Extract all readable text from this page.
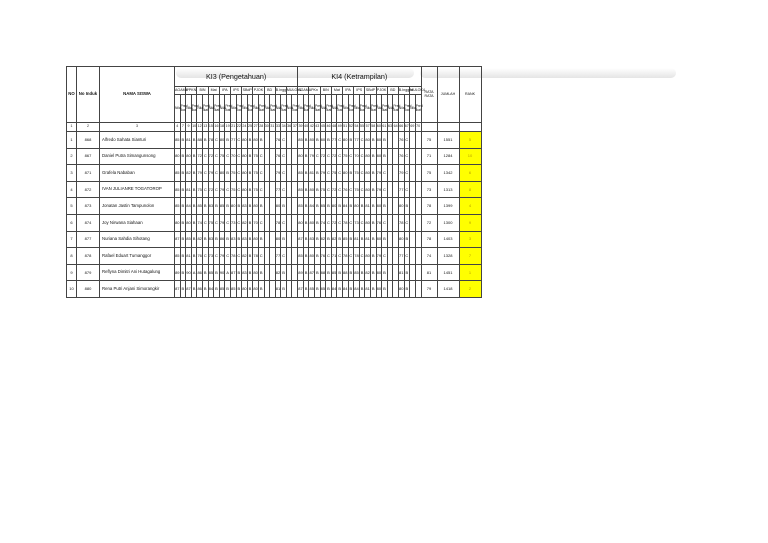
NO	No Induk	NAMA SISWA	KI3 (Pengetahuan)																						KI4 (Ketrampilan)																						RATA RATA	JUMLAH	RANK
			AGAMA		PPKN		BIN		Mat		IPA		IPS		SBdP		PJOK		BD		B.Ingg		MULOK1		AGAMA		PKn		BIN		Mat		IPA		IPS		SBdP		PJOK		BD		B.Inggris		MULOK4				
			Nilai	Pred ikat	Nilai	Pred ikat	Nilai	Pred ikat	Nilai	Pred ikat	Nilai	Pred ikat	Nilai	Pred ikat	Nilai	Pred ikat	Nilai	Pred ikat	Nilai	Pred ikat	Nilai	Pred ikat	Nilai	Pred ikat	Nilai	Pred ikat	Nilai	Pred ikat	Nilai	Pred ikat	Nilai	Pred ikat	Nilai	Pred ikat	Nilai	Pred ikat	Nilai	Pred ikat	Nilai	Pred ikat	Nilai	Pred ikat	Nilai	Pred ikat	Nilai	Pred ikat			
1	2	3	4	7	9	10	12	13	15	16	18	19	21	22	24	25	27	28	30	31	33	34	36	37	39	40	42	43	45	46	48	49	51	52	54	55	57	58	60	61	63	64	66	67	69	70			
1	868	Alfredo Sahata Sianturi	85	B	81	B	88	B	78	C	80	B	77	C	80	B	80	B			76	C			85	B	80	B	80	B	77	C	80	B	77	C	80	B	80	B			76	C			75	1551	5
2	867	Daniel Putra Simangunsong	80	B	80	B	72	C	72	C	75	C	70	C	80	B	75	C			76	C			80	B	79	C	72	C	72	C	75	C	70	C	80	B	80	B			76	C			71	1284	10
3	871	Grafela Nababan	85	B	82	B	79	C	79	C	80	B	75	C	80	B	75	C			79	C			85	B	81	B	79	C	75	C	80	B	75	C	80	B	79	C			79	C			75	1342	6
4	872	IVAN JULIANRE TOGATOROP	85	B	81	B	75	C	72	C	79	C	75	C	80	B	75	C			77	C			85	B	80	B	75	C	72	C	76	C	75	C	80	B	79	C			77	C			73	1313	8
5	873	Jonatan Jastin Tampunolon	85	B	84	B	85	B	83	B	85	B	80	B	83	B	80	B			80	B			85	B	84	B	85	B	80	B	84	B	80	B	81	B	80	B			80	B			78	1399	4
6	874	Joy Nirwana Siahaan	80	B	80	B	74	C	75	C	79	C	73	C	82	B	70	C			78	C			80	B	80	B	74	C	72	C	78	C	73	C	80	B	76	C			78	C			72	1300	9
7	877	Nuriana Sahdia Sihotang	87	B	85	B	82	B	83	B	86	B	83	B	83	B	80	B			80	B			87	B	83	B	82	B	82	B	85	B	81	B	81	B	80	B			80	B			78	1403	3
8	878	Rafael Eduart Tumanggor	85	B	81	B	76	C	73	C	79	C	78	C	82	B	78	C			77	C			85	B	80	B	76	C	71	C	78	C	78	C	80	B	79	C			77	C			74	1328	7
9	879	Reflyna Dimitri Ani Hutagalung	89	B	90	A	86	B	85	B	90	A	87	B	83	B	80	B			82	B			89	B	87	B	88	B	85	B	88	B	85	B	82	B	80	B			81	B			81	1451	1
10	880	Rena Putri Anjani Simorangkir	87	B	87	B	86	B	84	B	85	B	85	B	80	B	80	B			81	B			87	B	85	B	85	B	84	B	84	B	84	B	81	B	80	B			80	B			79	1418	2
